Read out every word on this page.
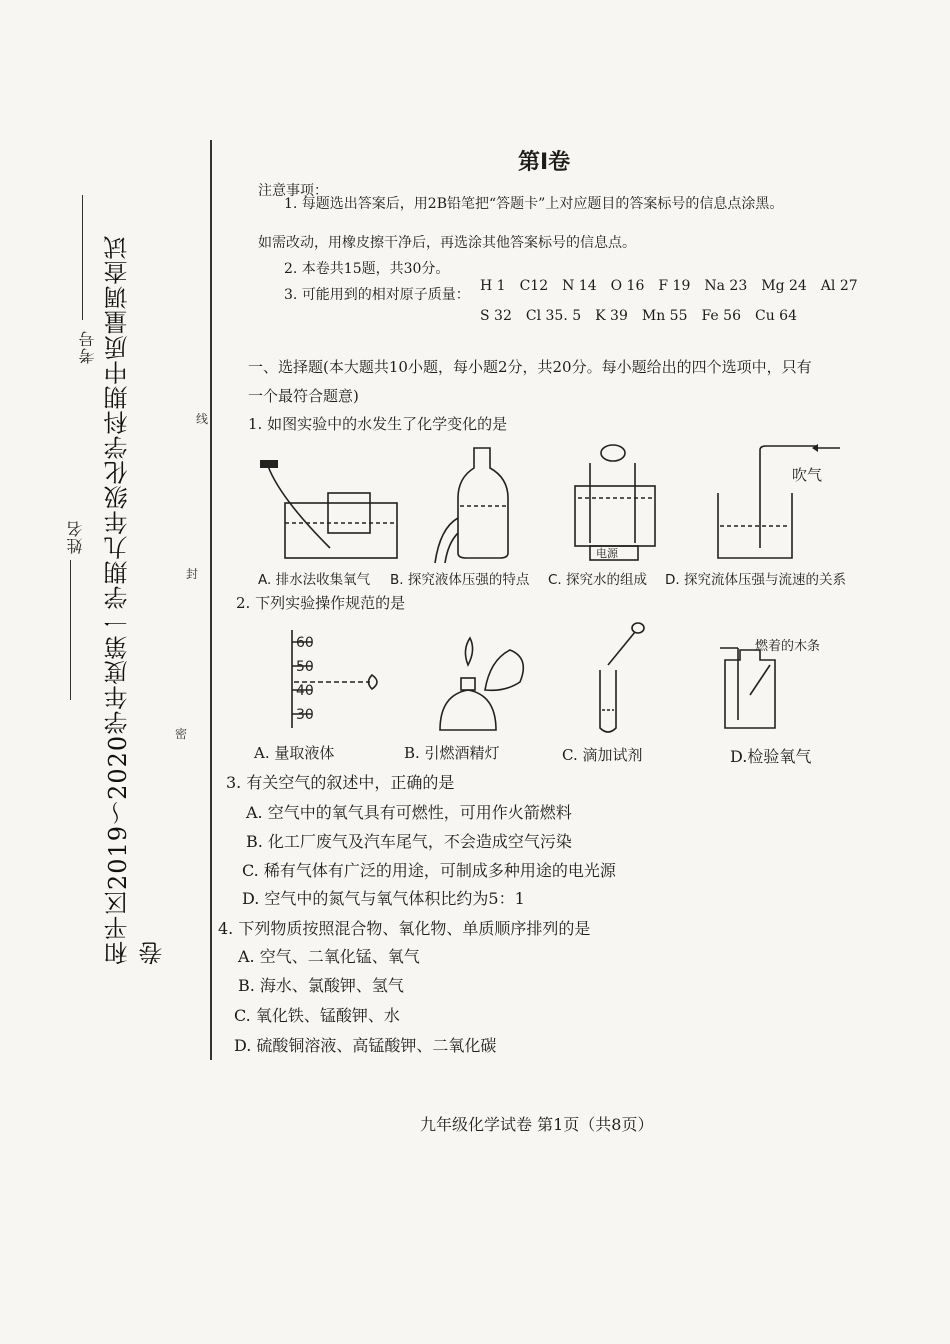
和平区2019～2020学年度第一学期九年级化学科期中质量调查试卷
姓名
考号
密
封
线
第Ⅰ卷
注意事项：
1. 每题选出答案后，用2B铅笔把“答题卡”上对应题目的答案标号的信息点涂黑。
如需改动，用橡皮擦干净后，再选涂其他答案标号的信息点。
2. 本卷共15题，共30分。
3. 可能用到的相对原子质量：
H 1 C12 N 14 O 16 F 19 Na 23 Mg 24 Al 27
S 32 Cl 35. 5 K 39 Mn 55 Fe 56 Cu 64
一、选择题(本大题共10小题，每小题2分，共20分。每小题给出的四个选项中，只有
一个最符合题意)
1. 如图实验中的水发生了化学变化的是
电源
吹气
A. 排水法收集氧气 B. 探究液体压强的特点 C. 探究水的组成 D. 探究流体压强与流速的关系
2. 下列实验操作规范的是
60
50
40
30
燃着的木条
A. 量取液体	B. 引燃酒精灯	C. 滴加试剂	D.检验氧气
3. 有关空气的叙述中，正确的是
A. 空气中的氧气具有可燃性，可用作火箭燃料
B. 化工厂废气及汽车尾气，不会造成空气污染
C. 稀有气体有广泛的用途，可制成多种用途的电光源
D. 空气中的氮气与氧气体积比约为5：1
4. 下列物质按照混合物、氧化物、单质顺序排列的是
A. 空气、二氧化锰、氧气
B. 海水、氯酸钾、氢气
C. 氧化铁、锰酸钾、水
D. 硫酸铜溶液、高锰酸钾、二氧化碳
九年级化学试卷 第1页（共8页）
